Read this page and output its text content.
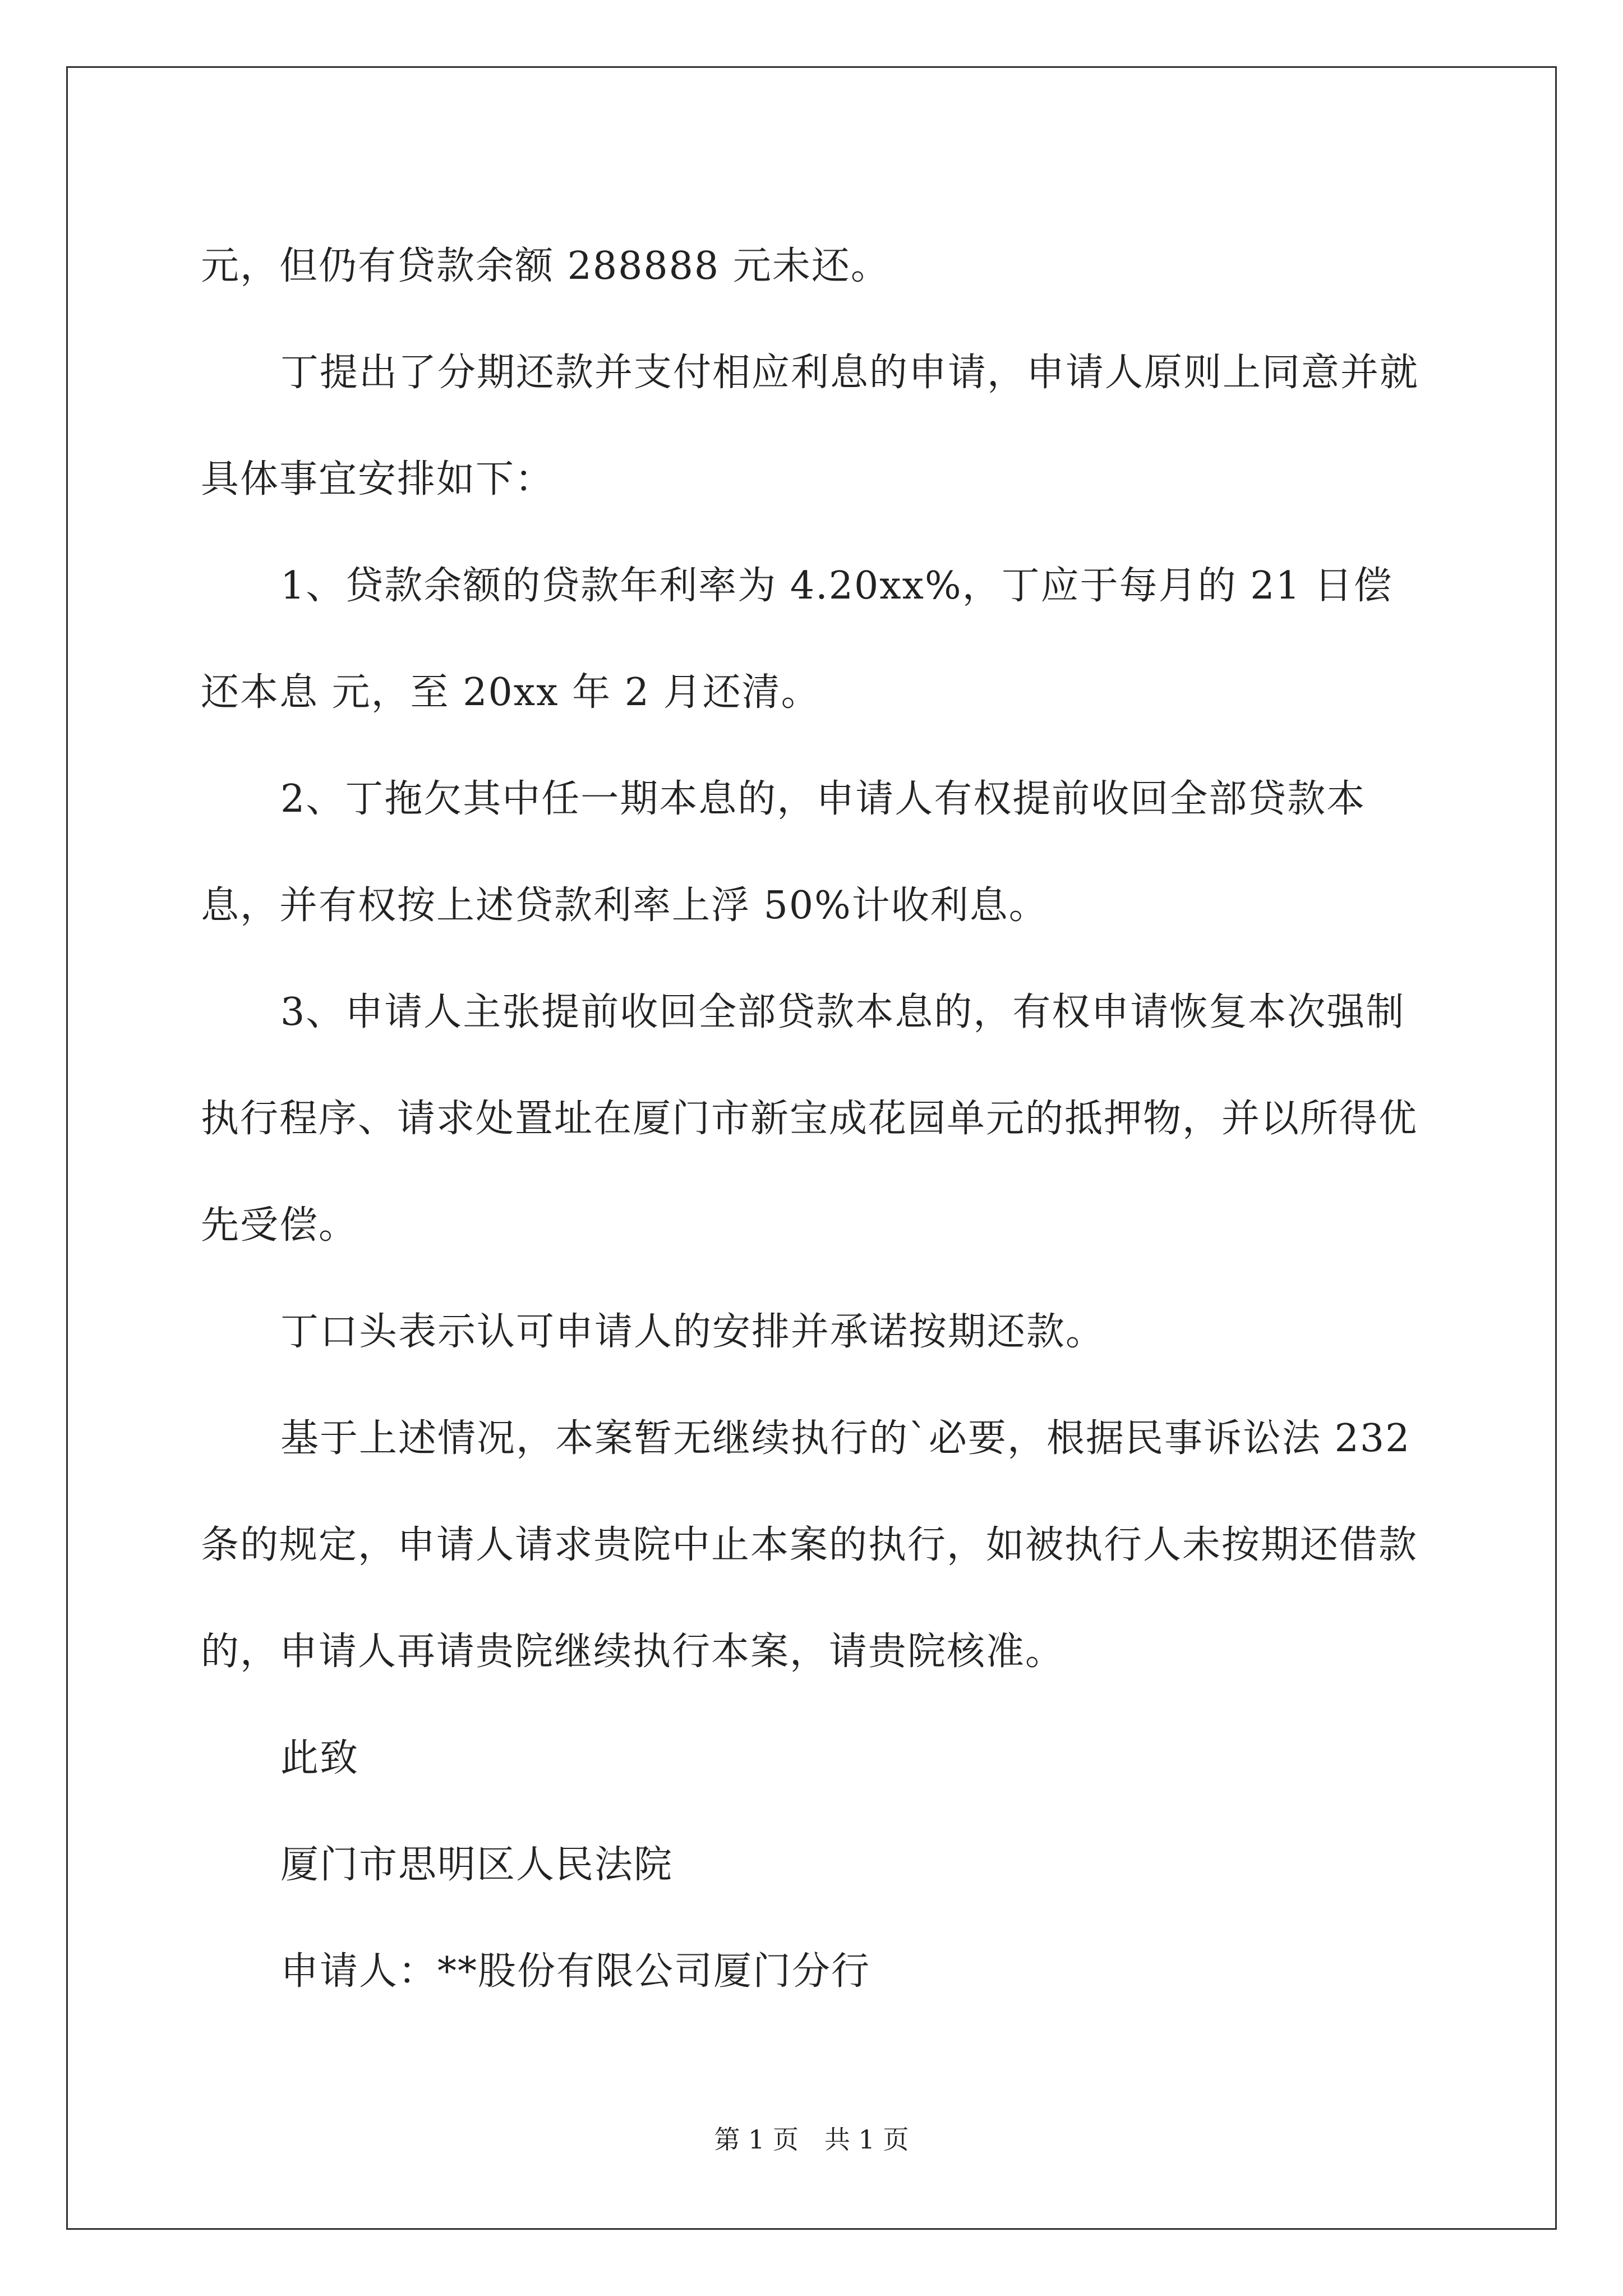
元，但仍有贷款余额 288888 元未还。

丁提出了分期还款并支付相应利息的申请，申请人原则上同意并就具体事宜安排如下：

1、贷款余额的贷款年利率为 4.20xx%，丁应于每月的 21 日偿还本息 元，至 20xx 年 2 月还清。

2、丁拖欠其中任一期本息的，申请人有权提前收回全部贷款本息，并有权按上述贷款利率上浮 50%计收利息。

3、申请人主张提前收回全部贷款本息的，有权申请恢复本次强制执行程序、请求处置址在厦门市新宝成花园单元的抵押物，并以所得优先受偿。

丁口头表示认可申请人的安排并承诺按期还款。

基于上述情况，本案暂无继续执行的`必要，根据民事诉讼法 232 条的规定，申请人请求贵院中止本案的执行，如被执行人未按期还借款的，申请人再请贵院继续执行本案，请贵院核准。

此致

厦门市思明区人民法院

申请人：**股份有限公司厦门分行

第 1 页　共 1 页
